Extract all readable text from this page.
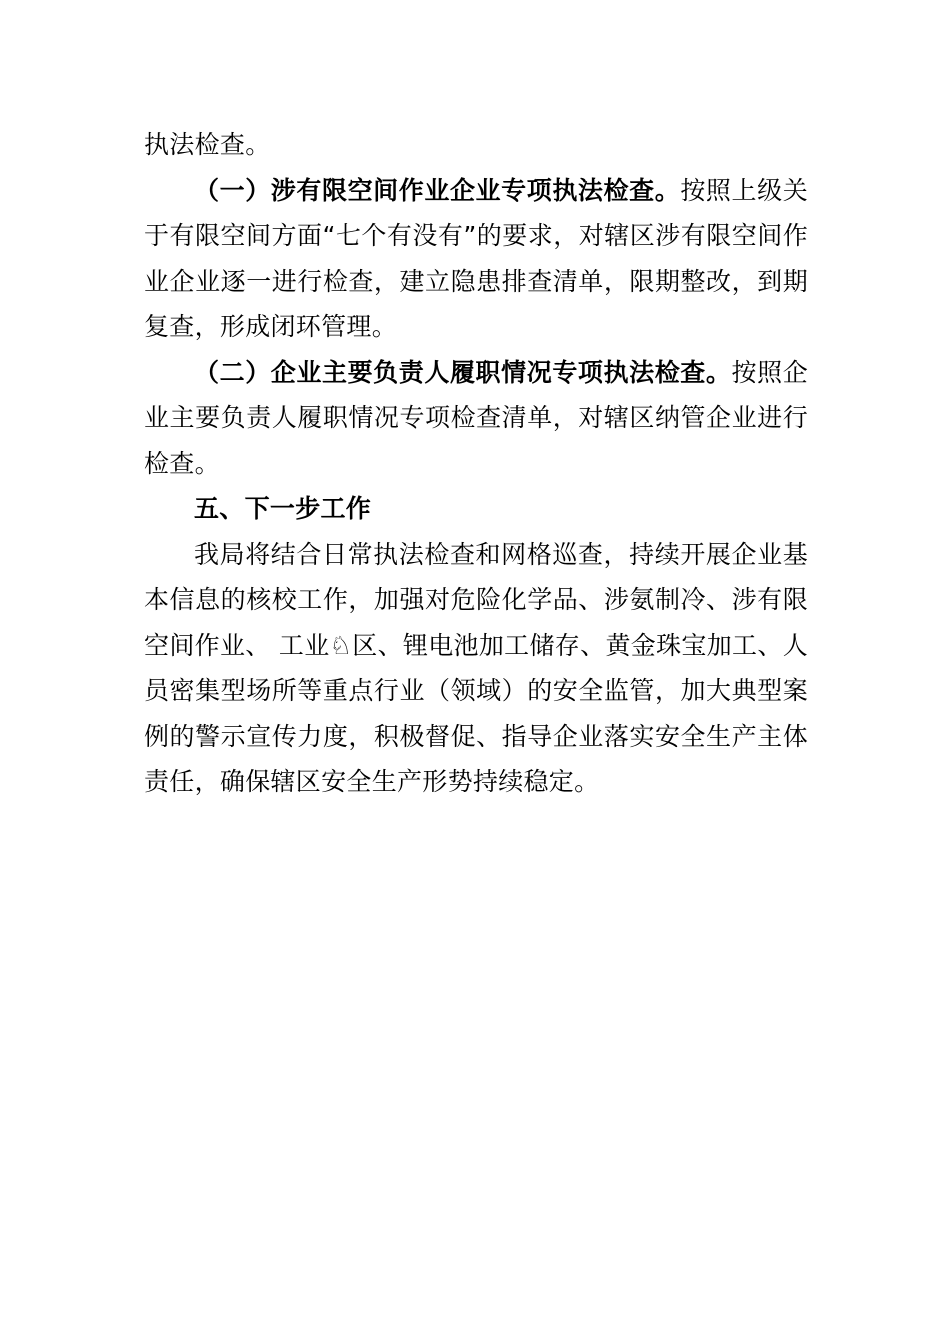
执法检查。

（一）涉有限空间作业企业专项执法检查。按照上级关于有限空间方面“七个有没有”的要求，对辖区涉有限空间作业企业逐一进行检查，建立隐患排查清单，限期整改，到期复查，形成闭环管理。

（二）企业主要负责人履职情况专项执法检查。按照企业主要负责人履职情况专项检查清单，对辖区纳管企业进行检查。

五、下一步工作

我局将结合日常执法检查和网格巡查，持续开展企业基本信息的核校工作，加强对危险化学品、涉氨制冷、涉有限空间作业、 工业♘区、锂电池加工储存、黄金珠宝加工、人员密集型场所等重点行业（领域）的安全监管，加大典型案例的警示宣传力度，积极督促、指导企业落实安全生产主体责任，确保辖区安全生产形势持续稳定。
